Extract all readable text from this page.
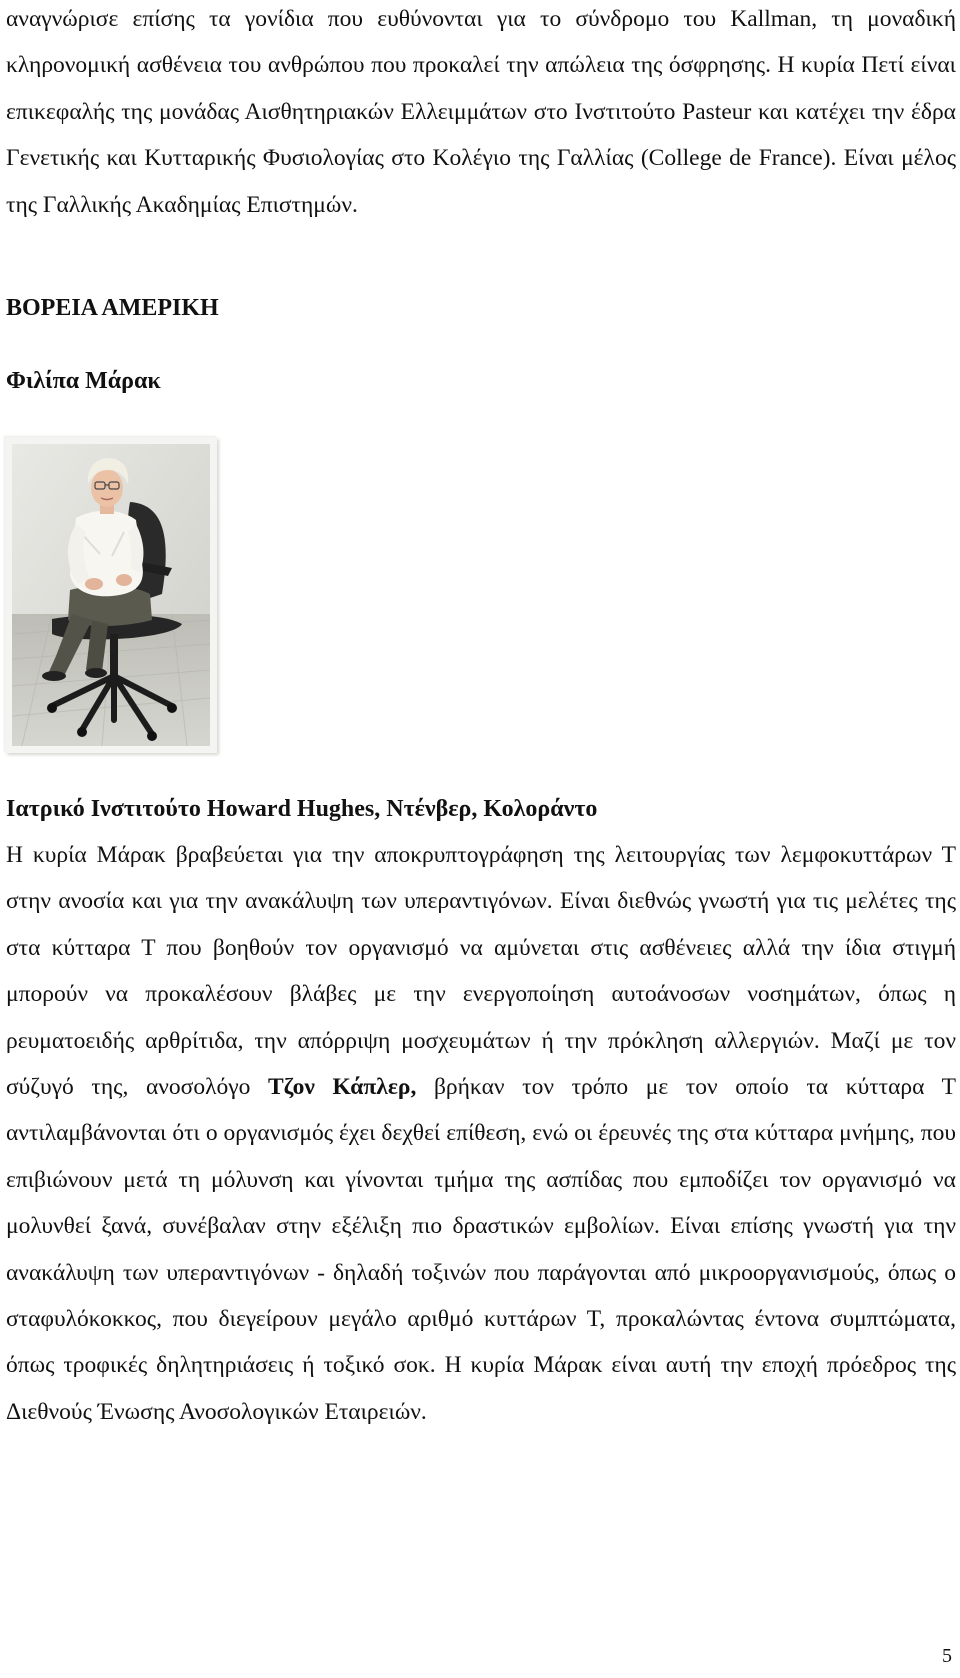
αναγνώρισε επίσης τα γονίδια που ευθύνονται για το σύνδρομο του Kallman, τη μοναδική κληρονομική ασθένεια του ανθρώπου που προκαλεί την απώλεια της όσφρησης. Η κυρία Πετί είναι επικεφαλής της μονάδας Αισθητηριακών Ελλειμμάτων στο Ινστιτούτο Pasteur και κατέχει την έδρα Γενετικής και Κυτταρικής Φυσιολογίας στο Κολέγιο της Γαλλίας (College de France). Είναι μέλος της Γαλλικής Ακαδημίας Επιστημών.

ΒΟΡΕΙΑ ΑΜΕΡΙΚΗ
Φιλίπα Μάρακ
Ιατρικό Ινστιτούτο Howard Hughes, Ντένβερ, Κολοράντο

Η κυρία Μάρακ βραβεύεται για την αποκρυπτογράφηση της λειτουργίας των λεμφοκυττάρων Τ στην ανοσία και για την ανακάλυψη των υπεραντιγόνων. Είναι διεθνώς γνωστή για τις μελέτες της στα κύτταρα Τ που βοηθούν τον οργανισμό να αμύνεται στις ασθένειες αλλά την ίδια στιγμή μπορούν να προκαλέσουν βλάβες με την ενεργοποίηση αυτοάνοσων νοσημάτων, όπως η ρευματοειδής αρθρίτιδα, την απόρριψη μοσχευμάτων ή την πρόκληση αλλεργιών. Μαζί με τον σύζυγό της, ανοσολόγο Τζον Κάπλερ, βρήκαν τον τρόπο με τον οποίο τα κύτταρα Τ αντιλαμβάνονται ότι ο οργανισμός έχει δεχθεί επίθεση, ενώ οι έρευνές της στα κύτταρα μνήμης, που επιβιώνουν μετά τη μόλυνση και γίνονται τμήμα της ασπίδας που εμποδίζει τον οργανισμό να μολυνθεί ξανά, συνέβαλαν στην εξέλιξη πιο δραστικών εμβολίων. Είναι επίσης γνωστή για την ανακάλυψη των υπεραντιγόνων - δηλαδή τοξινών που παράγονται από μικροοργανισμούς, όπως ο σταφυλόκοκκος, που διεγείρουν μεγάλο αριθμό κυττάρων Τ, προκαλώντας έντονα συμπτώματα, όπως τροφικές δηλητηριάσεις ή τοξικό σοκ. Η κυρία Μάρακ είναι αυτή την εποχή πρόεδρος της Διεθνούς Ένωσης Ανοσολογικών Εταιρειών.

5
